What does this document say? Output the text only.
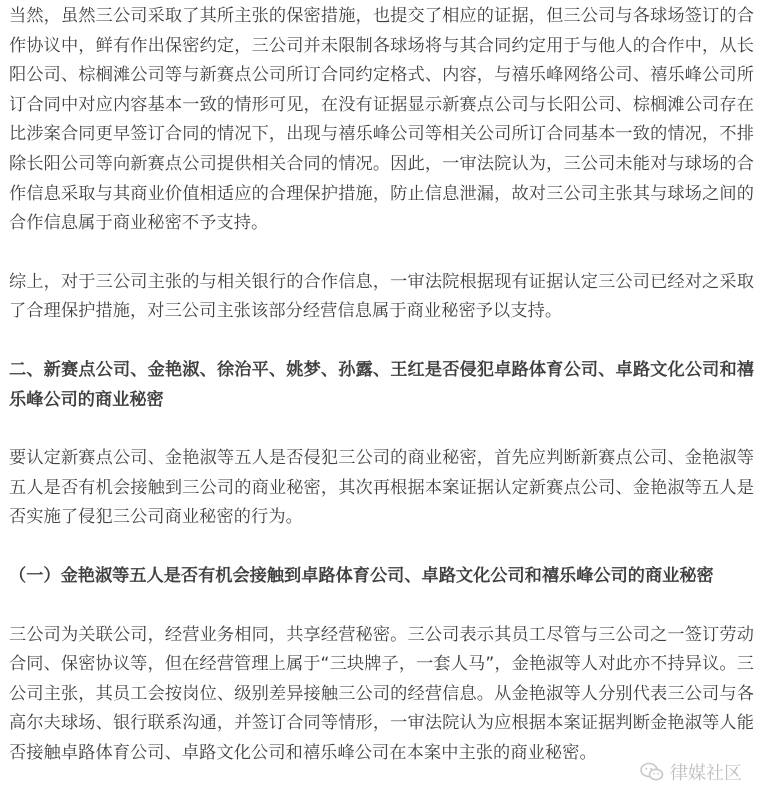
当然，虽然三公司采取了其所主张的保密措施，也提交了相应的证据，但三公司与各球场签订的合作协议中，鲜有作出保密约定，三公司并未限制各球场将与其合同约定用于与他人的合作中，从长阳公司、棕榈滩公司等与新赛点公司所订合同约定格式、内容，与禧乐峰网络公司、禧乐峰公司所订合同中对应内容基本一致的情形可见，在没有证据显示新赛点公司与长阳公司、棕榈滩公司存在比涉案合同更早签订合同的情况下，出现与禧乐峰公司等相关公司所订合同基本一致的情况，不排除长阳公司等向新赛点公司提供相关合同的情况。因此，一审法院认为，三公司未能对与球场的合作信息采取与其商业价值相适应的合理保护措施，防止信息泄漏，故对三公司主张其与球场之间的合作信息属于商业秘密不予支持。

综上，对于三公司主张的与相关银行的合作信息，一审法院根据现有证据认定三公司已经对之采取了合理保护措施，对三公司主张该部分经营信息属于商业秘密予以支持。

二、新赛点公司、金艳淑、徐治平、姚梦、孙露、王红是否侵犯卓路体育公司、卓路文化公司和禧乐峰公司的商业秘密

要认定新赛点公司、金艳淑等五人是否侵犯三公司的商业秘密，首先应判断新赛点公司、金艳淑等五人是否有机会接触到三公司的商业秘密，其次再根据本案证据认定新赛点公司、金艳淑等五人是否实施了侵犯三公司商业秘密的行为。

（一）金艳淑等五人是否有机会接触到卓路体育公司、卓路文化公司和禧乐峰公司的商业秘密

三公司为关联公司，经营业务相同，共享经营秘密。三公司表示其员工尽管与三公司之一签订劳动合同、保密协议等，但在经营管理上属于“三块牌子，一套人马”，金艳淑等人对此亦不持异议。三公司主张，其员工会按岗位、级别差异接触三公司的经营信息。从金艳淑等人分别代表三公司与各高尔夫球场、银行联系沟通，并签订合同等情形，一审法院认为应根据本案证据判断金艳淑等人能否接触卓路体育公司、卓路文化公司和禧乐峰公司在本案中主张的商业秘密。

律媒社区
